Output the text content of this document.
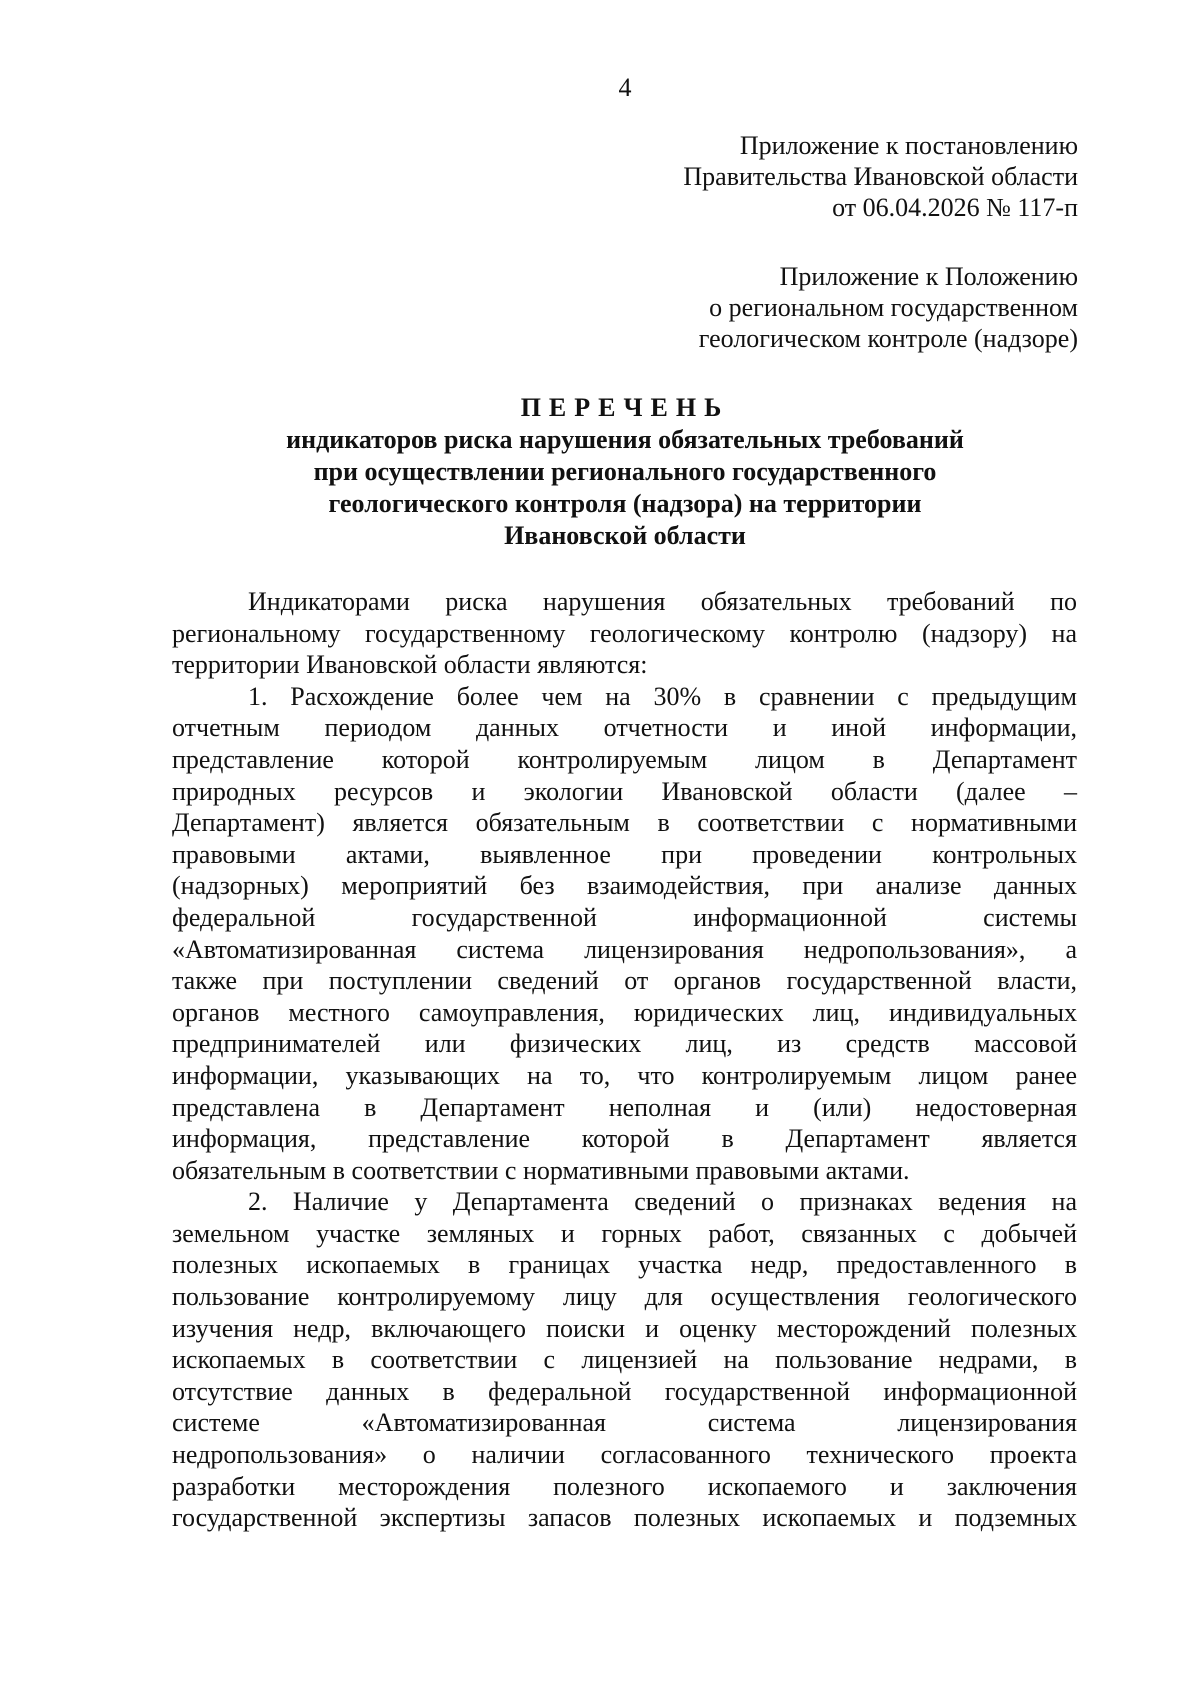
4
Приложение к постановлению
Правительства Ивановской области
от 06.04.2026 № 117-п
Приложение к Положению
о региональном государственном
геологическом контроле (надзоре)
ПЕРЕЧЕНЬ
индикаторов риска нарушения обязательных требований
при осуществлении регионального государственного
геологического контроля (надзора) на территории
Ивановской области
Индикаторами риска нарушения обязательных требований по
региональному государственному геологическому контролю (надзору) на
территории Ивановской области являются:
1. Расхождение более чем на 30% в сравнении с предыдущим
отчетным периодом данных отчетности и иной информации,
представление которой контролируемым лицом в Департамент
природных ресурсов и экологии Ивановской области (далее –
Департамент) является обязательным в соответствии с нормативными
правовыми актами, выявленное при проведении контрольных
(надзорных) мероприятий без взаимодействия, при анализе данных
федеральной государственной информационной системы
«Автоматизированная система лицензирования недропользования», а
также при поступлении сведений от органов государственной власти,
органов местного самоуправления, юридических лиц, индивидуальных
предпринимателей или физических лиц, из средств массовой
информации, указывающих на то, что контролируемым лицом ранее
представлена в Департамент неполная и (или) недостоверная
информация, представление которой в Департамент является
обязательным в соответствии с нормативными правовыми актами.
2. Наличие у Департамента сведений о признаках ведения на
земельном участке земляных и горных работ, связанных с добычей
полезных ископаемых в границах участка недр, предоставленного в
пользование контролируемому лицу для осуществления геологического
изучения недр, включающего поиски и оценку месторождений полезных
ископаемых в соответствии с лицензией на пользование недрами, в
отсутствие данных в федеральной государственной информационной
системе «Автоматизированная система лицензирования
недропользования» о наличии согласованного технического проекта
разработки месторождения полезного ископаемого и заключения
государственной экспертизы запасов полезных ископаемых и подземных
